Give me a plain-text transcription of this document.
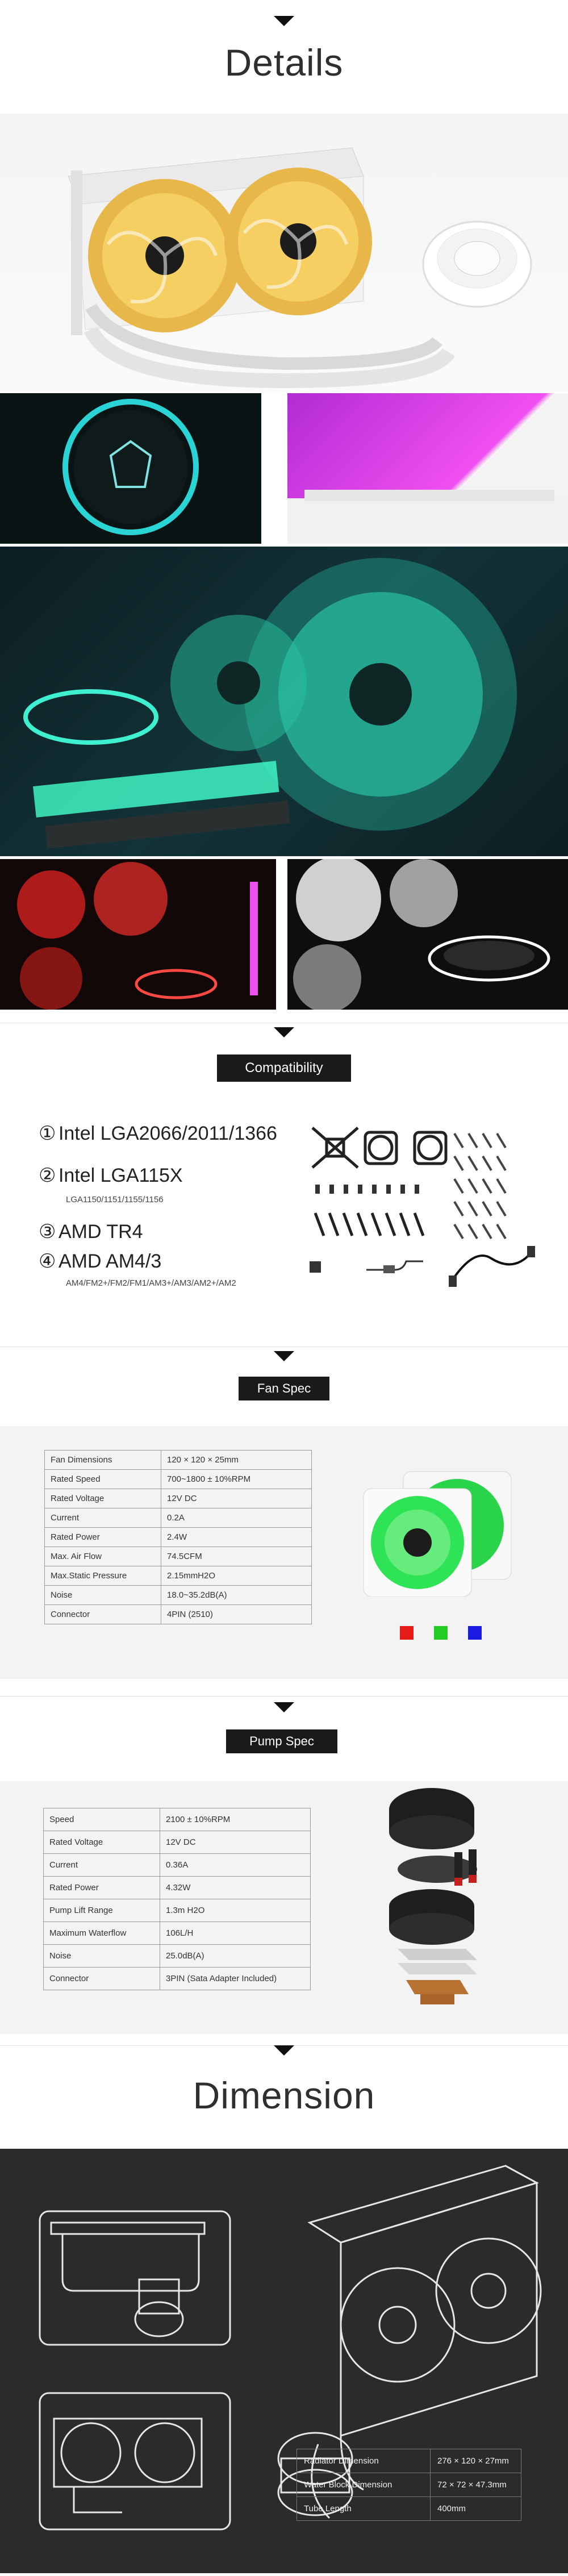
Details
Compatibility
① Intel LGA2066/2011/1366
② Intel LGA115X
LGA1150/1151/1155/1156
③ AMD TR4
④ AMD AM4/3
AM4/FM2+/FM2/FM1/AM3+/AM3/AM2+/AM2
Fan Spec
Fan Dimensions	120 × 120 × 25mm
Rated Speed	700~1800 ± 10%RPM
Rated Voltage	12V DC
Current	0.2A
Rated Power	2.4W
Max. Air Flow	74.5CFM
Max.Static Pressure	2.15mmH2O
Noise	18.0~35.2dB(A)
Connector	4PIN (2510)
Pump Spec
Speed	2100 ± 10%RPM
Rated Voltage	12V DC
Current	0.36A
Rated Power	4.32W
Pump Lift Range	1.3m H2O
Maximum Waterflow	106L/H
Noise	25.0dB(A)
Connector	3PIN (Sata Adapter Included)
Dimension
Radiator Dimension	276 × 120 × 27mm
Water Block Dimension	72 × 72 × 47.3mm
Tube Length	400mm
